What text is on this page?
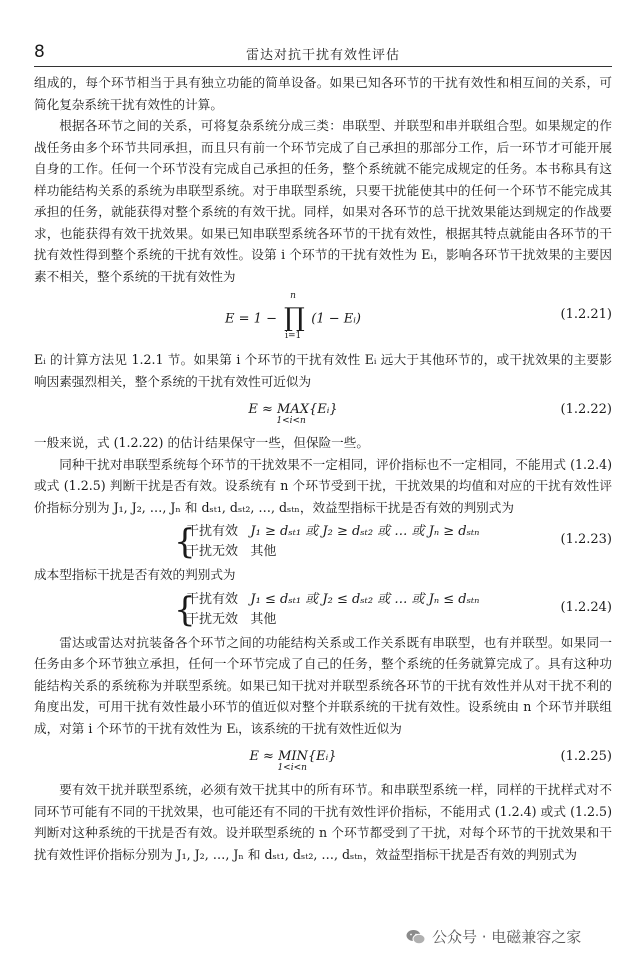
8	雷达对抗干扰有效性评估

组成的，每个环节相当于具有独立功能的简单设备。如果已知各环节的干扰有效性和相互间的关系，可简化复杂系统干扰有效性的计算。

根据各环节之间的关系，可将复杂系统分成三类：串联型、并联型和串并联组合型。如果规定的作战任务由多个环节共同承担，而且只有前一个环节完成了自己承担的那部分工作，后一环节才可能开展自身的工作。任何一个环节没有完成自己承担的任务，整个系统就不能完成规定的任务。本书称具有这样功能结构关系的系统为串联型系统。对于串联型系统，只要干扰能使其中的任何一个环节不能完成其承担的任务，就能获得对整个系统的有效干扰。同样，如果对各环节的总干扰效果能达到规定的作战要求，也能获得有效干扰效果。如果已知串联型系统各环节的干扰有效性，根据其特点就能由各环节的干扰有效性得到整个系统的干扰有效性。设第 i 个环节的干扰有效性为 Eᵢ，影响各环节干扰效果的主要因素不相关，整个系统的干扰有效性为

E = 1 −
n
∏
i=1
(1 − Eᵢ)	(1.2.21)

Eᵢ 的计算方法见 1.2.1 节。如果第 i 个环节的干扰有效性 Eᵢ 远大于其他环节的，或干扰效果的主要影响因素强烈相关，整个系统的干扰有效性可近似为

E ≈ MAX{Eᵢ}
1<i<n
(1.2.22)

一般来说，式 (1.2.22) 的估计结果保守一些，但保险一些。

同种干扰对串联型系统每个环节的干扰效果不一定相同，评价指标也不一定相同，不能用式 (1.2.4) 或式 (1.2.5) 判断干扰是否有效。设系统有 n 个环节受到干扰，干扰效果的均值和对应的干扰有效性评价指标分别为 J₁, J₂, …, Jₙ 和 dₛₜ₁, dₛₜ₂, …, dₛₜₙ，效益型指标干扰是否有效的判别式为

{
干扰有效 J₁ ≥ dₛₜ₁ 或 J₂ ≥ dₛₜ₂ 或 … 或 Jₙ ≥ dₛₜₙ
干扰无效 其他
(1.2.23)

成本型指标干扰是否有效的判别式为

{
干扰有效 J₁ ≤ dₛₜ₁ 或 J₂ ≤ dₛₜ₂ 或 … 或 Jₙ ≤ dₛₜₙ
干扰无效 其他
(1.2.24)

雷达或雷达对抗装备各个环节之间的功能结构关系或工作关系既有串联型，也有并联型。如果同一任务由多个环节独立承担，任何一个环节完成了自己的任务，整个系统的任务就算完成了。具有这种功能结构关系的系统称为并联型系统。如果已知干扰对并联型系统各环节的干扰有效性并从对干扰不利的角度出发，可用干扰有效性最小环节的值近似对整个并联系统的干扰有效性。设系统由 n 个环节并联组成，对第 i 个环节的干扰有效性为 Eᵢ，该系统的干扰有效性近似为

E ≈ MIN{Eᵢ}
1<i<n
(1.2.25)

要有效干扰并联型系统，必须有效干扰其中的所有环节。和串联型系统一样，同样的干扰样式对不同环节可能有不同的干扰效果，也可能还有不同的干扰有效性评价指标，不能用式 (1.2.4) 或式 (1.2.5) 判断对这种系统的干扰是否有效。设并联型系统的 n 个环节都受到了干扰，对每个环节的干扰效果和干扰有效性评价指标分别为 J₁, J₂, …, Jₙ 和 dₛₜ₁, dₛₜ₂, …, dₛₜₙ，效益型指标干扰是否有效的判别式为

公众号 · 电磁兼容之家
